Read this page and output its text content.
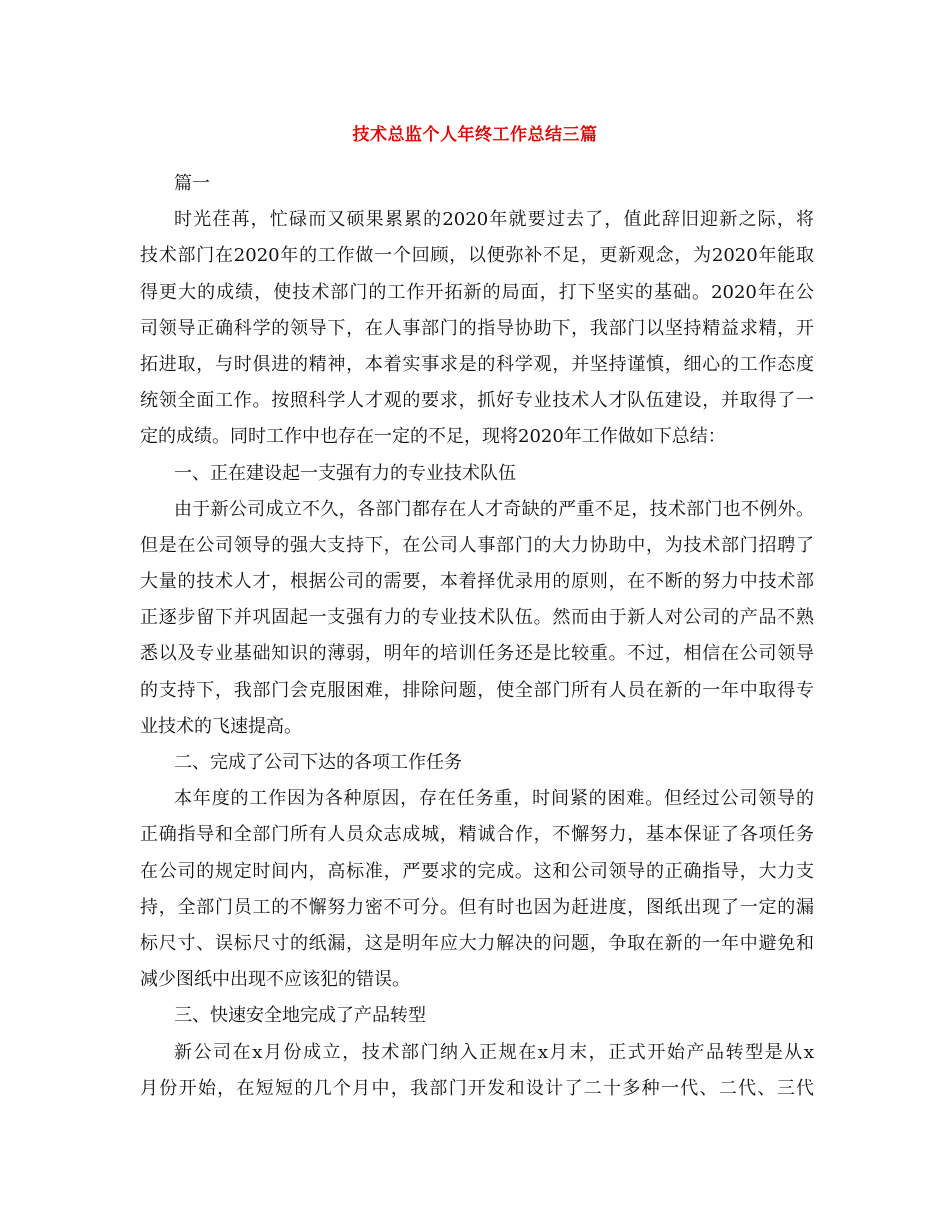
技术总监个人年终工作总结三篇
篇一
时光荏苒，忙碌而又硕果累累的2020年就要过去了，值此辞旧迎新之际，将
技术部门在2020年的工作做一个回顾，以便弥补不足，更新观念，为2020年能取
得更大的成绩，使技术部门的工作开拓新的局面，打下坚实的基础。2020年在公
司领导正确科学的领导下，在人事部门的指导协助下，我部门以坚持精益求精，开
拓进取，与时俱进的精神，本着实事求是的科学观，并坚持谨慎，细心的工作态度
统领全面工作。按照科学人才观的要求，抓好专业技术人才队伍建设，并取得了一
定的成绩。同时工作中也存在一定的不足，现将2020年工作做如下总结：
一、正在建设起一支强有力的专业技术队伍
由于新公司成立不久，各部门都存在人才奇缺的严重不足，技术部门也不例外。
但是在公司领导的强大支持下，在公司人事部门的大力协助中，为技术部门招聘了
大量的技术人才，根据公司的需要，本着择优录用的原则，在不断的努力中技术部
正逐步留下并巩固起一支强有力的专业技术队伍。然而由于新人对公司的产品不熟
悉以及专业基础知识的薄弱，明年的培训任务还是比较重。不过，相信在公司领导
的支持下，我部门会克服困难，排除问题，使全部门所有人员在新的一年中取得专
业技术的飞速提高。
二、完成了公司下达的各项工作任务
本年度的工作因为各种原因，存在任务重，时间紧的困难。但经过公司领导的
正确指导和全部门所有人员众志成城，精诚合作，不懈努力，基本保证了各项任务
在公司的规定时间内，高标准，严要求的完成。这和公司领导的正确指导，大力支
持，全部门员工的不懈努力密不可分。但有时也因为赶进度，图纸出现了一定的漏
标尺寸、误标尺寸的纸漏，这是明年应大力解决的问题，争取在新的一年中避免和
减少图纸中出现不应该犯的错误。
三、快速安全地完成了产品转型
新公司在x月份成立，技术部门纳入正规在x月末，正式开始产品转型是从x
月份开始，在短短的几个月中，我部门开发和设计了二十多种一代、二代、三代
